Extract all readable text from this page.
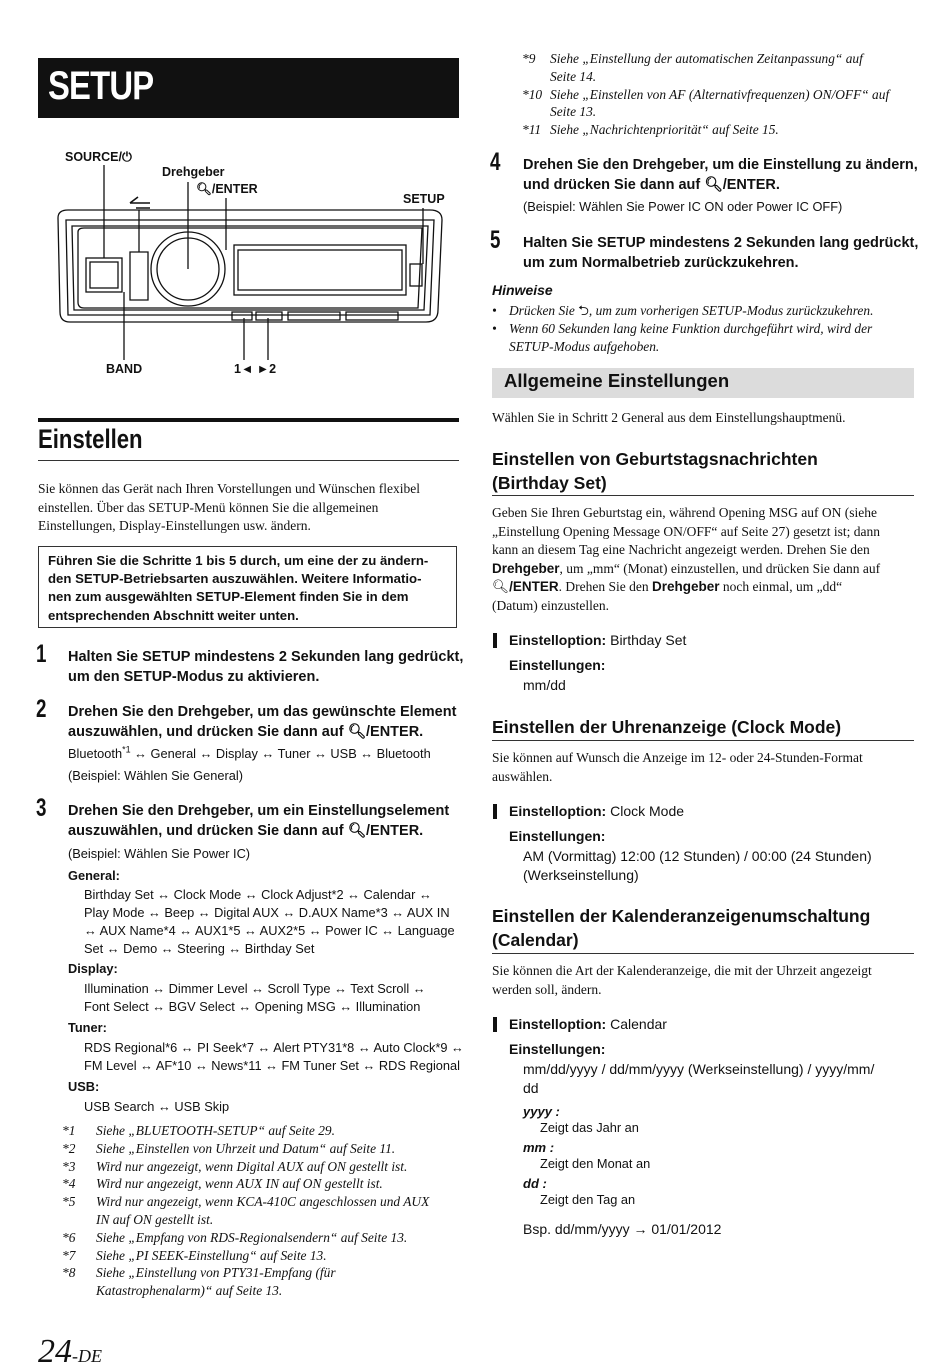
SETUP
SOURCE/⏻
Drehgeber
🔍︎/ENTER
SETUP
BAND	1◄ ►2
Einstellen
Sie können das Gerät nach Ihren Vorstellungen und Wünschen flexibel einstellen. Über das SETUP-Menü können Sie die allgemeinen Einstellungen, Display-Einstellungen usw. ändern.
Führen Sie die Schritte 1 bis 5 durch, um eine der zu ändern-
den SETUP-Betriebsarten auszuwählen. Weitere Informatio-
nen zum ausgewählten SETUP-Element finden Sie in dem
entsprechenden Abschnitt weiter unten.
1 Halten Sie SETUP mindestens 2 Sekunden lang gedrückt,
um den SETUP-Modus zu aktivieren.
2 Drehen Sie den Drehgeber, um das gewünschte Element
auszuwählen, und drücken Sie dann auf 🔍︎/ENTER.
Bluetooth$^{*1}$ ↔ General ↔ Display ↔ Tuner ↔ USB ↔ Bluetooth
(Beispiel: Wählen Sie General)
3 Drehen Sie den Drehgeber, um ein Einstellungselement
auszuwählen, und drücken Sie dann auf 🔍︎/ENTER.
(Beispiel: Wählen Sie Power IC)
General:
Birthday Set ↔ Clock Mode ↔ Clock Adjust*2 ↔ Calendar ↔
Play Mode ↔ Beep ↔ Digital AUX ↔ D.AUX Name*3 ↔ AUX IN
↔ AUX Name*4 ↔ AUX1*5 ↔ AUX2*5 ↔ Power IC ↔ Language
Set ↔ Demo ↔ Steering ↔ Birthday Set
Display:
Illumination ↔ Dimmer Level ↔ Scroll Type ↔ Text Scroll ↔
Font Select ↔ BGV Select ↔ Opening MSG ↔ Illumination
Tuner:
RDS Regional*6 ↔ PI Seek*7 ↔ Alert PTY31*8 ↔ Auto Clock*9 ↔
FM Level ↔ AF*10 ↔ News*11 ↔ FM Tuner Set ↔ RDS Regional
USB:
USB Search ↔ USB Skip
*1 Siehe „BLUETOOTH-SETUP“ auf Seite 29.
*2 Siehe „Einstellen von Uhrzeit und Datum“ auf Seite 11.
*3 Wird nur angezeigt, wenn Digital AUX auf ON gestellt ist.
*4 Wird nur angezeigt, wenn AUX IN auf ON gestellt ist.
*5 Wird nur angezeigt, wenn KCA-410C angeschlossen und AUX
IN auf ON gestellt ist.
*6 Siehe „Empfang von RDS-Regionalsendern“ auf Seite 13.
*7 Siehe „PI SEEK-Einstellung“ auf Seite 13.
*8 Siehe „Einstellung von PTY31-Empfang (für
Katastrophenalarm)“ auf Seite 13.
24-DE
*9 Siehe „Einstellung der automatischen Zeitanpassung“ auf
Seite 14.
*10 Siehe „Einstellen von AF (Alternativfrequenzen) ON/OFF“ auf
Seite 13.
*11 Siehe „Nachrichtenpriorität“ auf Seite 15.
4 Drehen Sie den Drehgeber, um die Einstellung zu ändern,
und drücken Sie dann auf 🔍︎/ENTER.
(Beispiel: Wählen Sie Power IC ON oder Power IC OFF)
5 Halten Sie SETUP mindestens 2 Sekunden lang gedrückt,
um zum Normalbetrieb zurückzukehren.
Hinweise
• Drücken Sie ⮌, um zum vorherigen SETUP-Modus zurückzukehren.
• Wenn 60 Sekunden lang keine Funktion durchgeführt wird, wird der
SETUP-Modus aufgehoben.
Allgemeine Einstellungen
Wählen Sie in Schritt 2 General aus dem Einstellungshauptmenü.
Einstellen von Geburtstagsnachrichten
(Birthday Set)
Geben Sie Ihren Geburtstag ein, während Opening MSG auf ON (siehe
„Einstellung Opening Message ON/OFF“ auf Seite 27) gesetzt ist; dann
kann an diesem Tag eine Nachricht angezeigt werden. Drehen Sie den
Drehgeber, um „mm“ (Monat) einzustellen, und drücken Sie dann auf
🔍︎/ENTER. Drehen Sie den Drehgeber noch einmal, um „dd“
(Datum) einzustellen.
Einstelloption: Birthday Set
Einstellungen:
mm/dd
Einstellen der Uhrenanzeige (Clock Mode)
Sie können auf Wunsch die Anzeige im 12- oder 24-Stunden-Format
auswählen.
Einstelloption: Clock Mode
Einstellungen:
AM (Vormittag) 12:00 (12 Stunden) / 00:00 (24 Stunden)
(Werkseinstellung)
Einstellen der Kalenderanzeigenumschaltung
(Calendar)
Sie können die Art der Kalenderanzeige, die mit der Uhrzeit angezeigt
werden soll, ändern.
Einstelloption: Calendar
Einstellungen:
mm/dd/yyyy / dd/mm/yyyy (Werkseinstellung) / yyyy/mm/
dd
yyyy :
Zeigt das Jahr an
mm :
Zeigt den Monat an
dd :
Zeigt den Tag an
Bsp. dd/mm/yyyy → 01/01/2012
